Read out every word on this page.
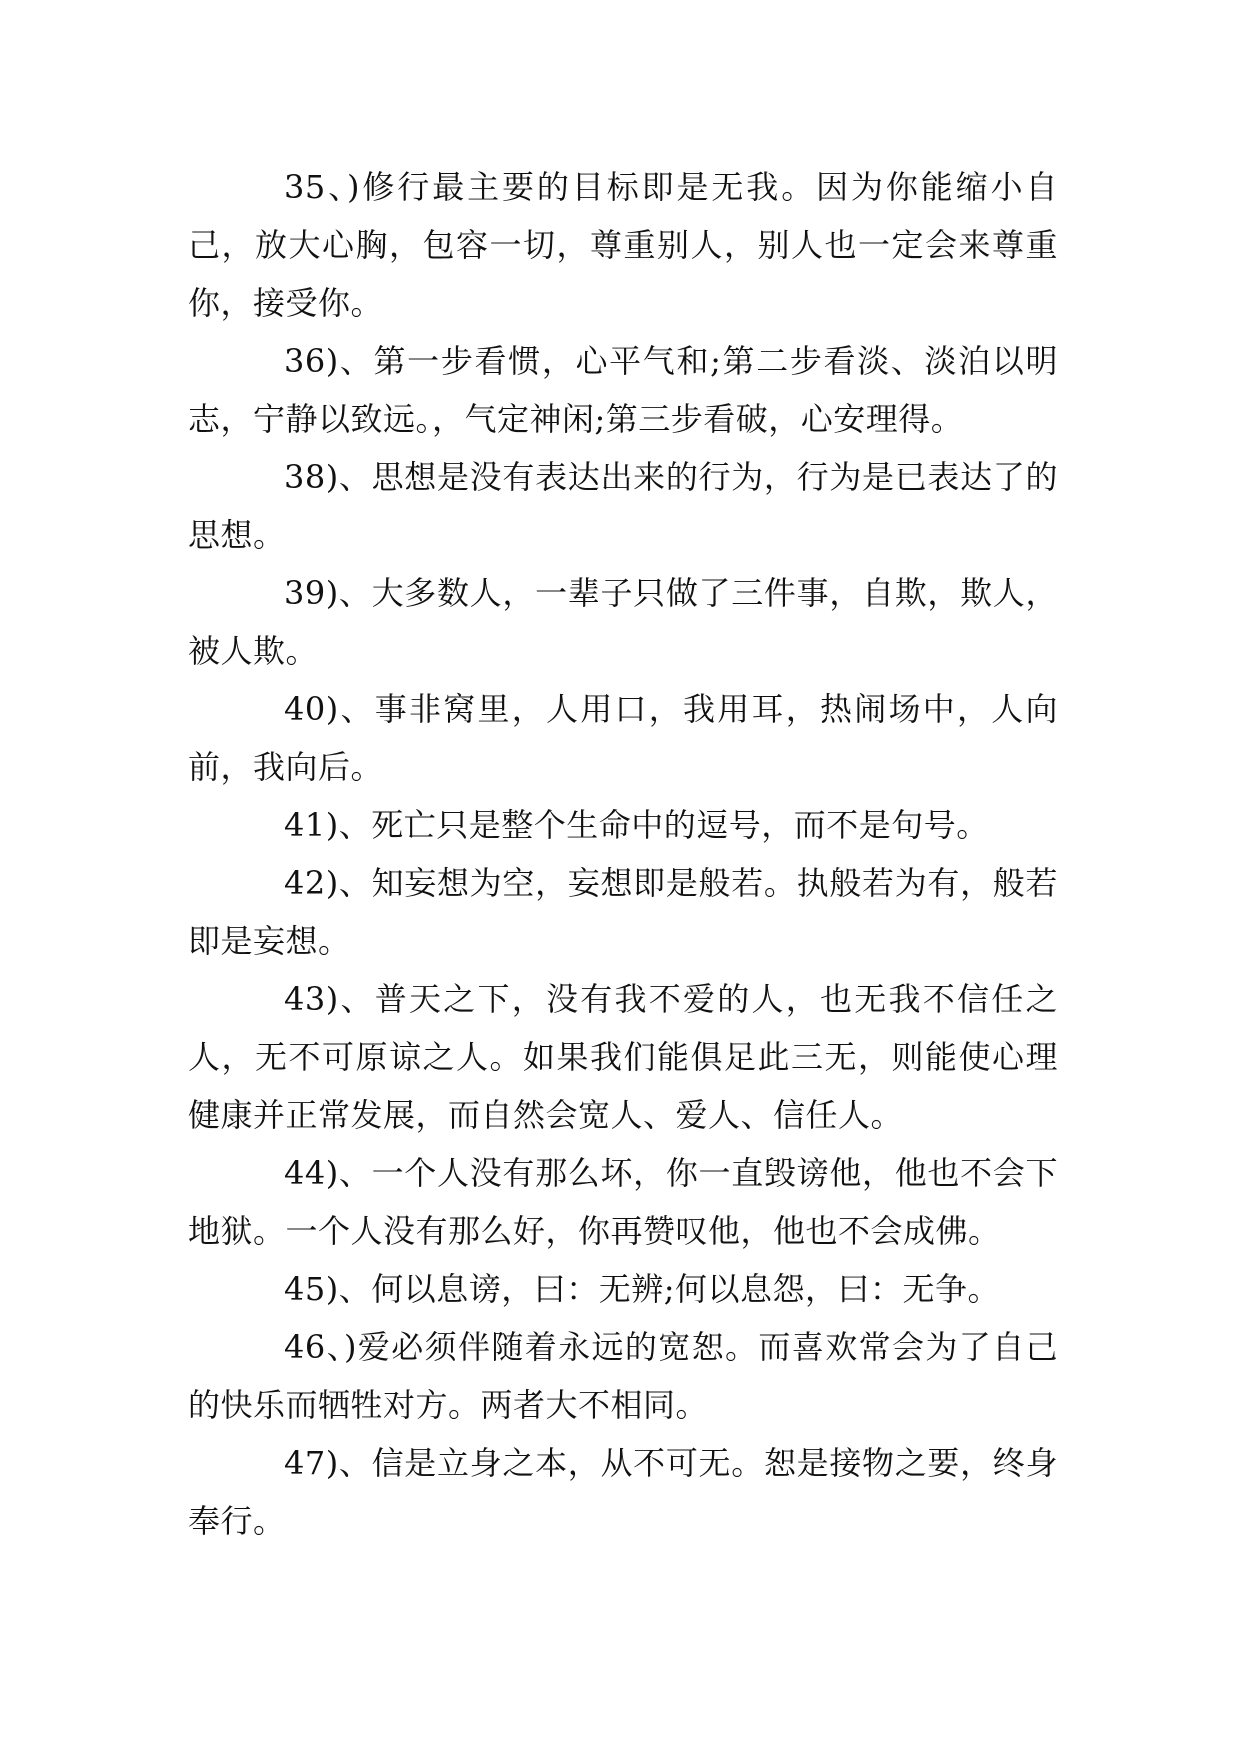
35、)修行最主要的目标即是无我。因为你能缩小自己，放大心胸，包容一切，尊重别人，别人也一定会来尊重你，接受你。

36)、第一步看惯，心平气和;第二步看淡、淡泊以明志，宁静以致远。，气定神闲;第三步看破，心安理得。

38)、思想是没有表达出来的行为，行为是已表达了的思想。

39)、大多数人，一辈子只做了三件事，自欺，欺人，被人欺。

40)、事非窝里，人用口，我用耳，热闹场中，人向前，我向后。

41)、死亡只是整个生命中的逗号，而不是句号。

42)、知妄想为空，妄想即是般若。执般若为有，般若即是妄想。

43)、普天之下，没有我不爱的人，也无我不信任之人，无不可原谅之人。如果我们能俱足此三无，则能使心理健康并正常发展，而自然会宽人、爱人、信任人。

44)、一个人没有那么坏，你一直毁谤他，他也不会下地狱。一个人没有那么好，你再赞叹他，他也不会成佛。

45)、何以息谤，曰：无辨;何以息怨，曰：无争。

46、)爱必须伴随着永远的宽恕。而喜欢常会为了自己的快乐而牺牲对方。两者大不相同。

47)、信是立身之本，从不可无。恕是接物之要，终身奉行。
